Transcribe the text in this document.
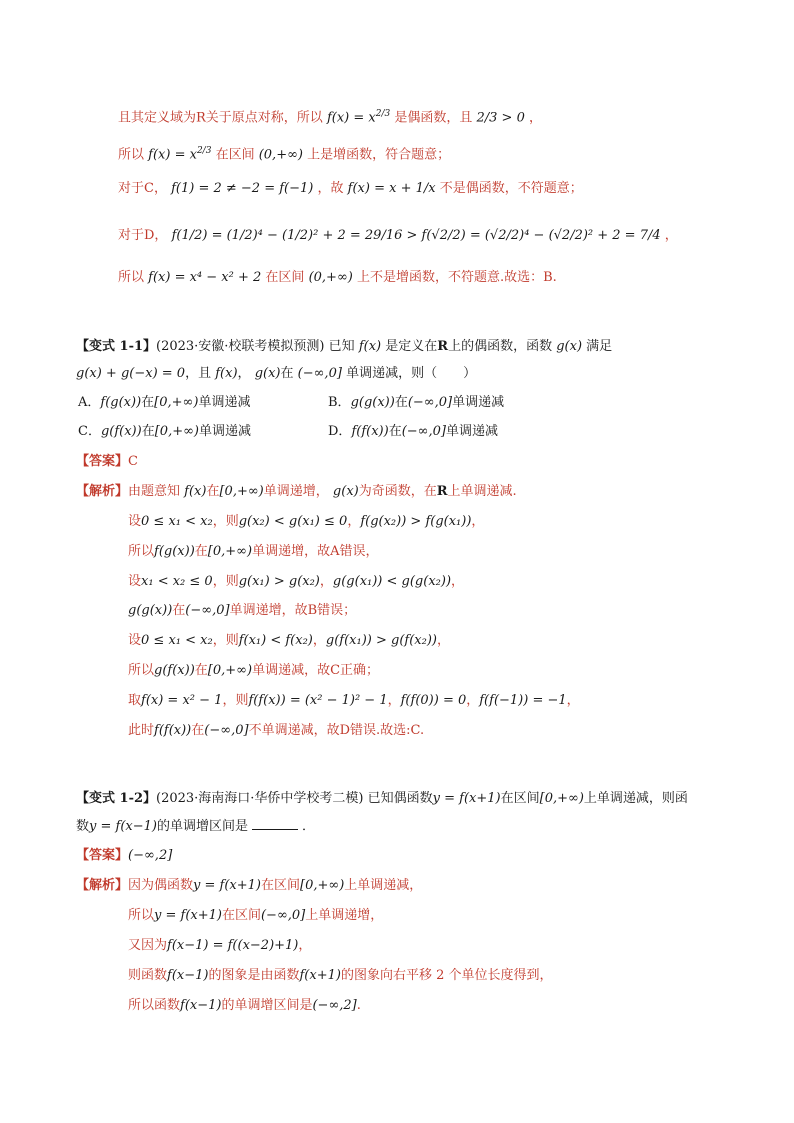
且其定义域为R关于原点对称，所以 $f(x) = x^{2/3}$ 是偶函数，且 2/3 > 0 ，
所以 $f(x) = x^{2/3}$ 在区间 (0,+∞) 上是增函数，符合题意；
对于C， f(1) = 2 ≠ −2 = f(−1) ，故 f(x) = x + 1/x 不是偶函数，不符题意；
对于D， f(1/2) = (1/2)⁴ − (1/2)² + 2 = 29/16 > f(√2/2) = (√2/2)⁴ − (√2/2)² + 2 = 7/4 ，
所以 f(x) = x⁴ − x² + 2 在区间 (0,+∞) 上不是增函数，不符题意.故选：B.
【变式 1-1】(2023·安徽·校联考模拟预测) 已知 f(x) 是定义在R上的偶函数，函数 g(x) 满足
g(x) + g(−x) = 0，且 f(x)， g(x)在 (−∞,0] 单调递减，则（　　）
A．f(g(x))在[0,+∞)单调递减	B．g(g(x))在(−∞,0]单调递减
C．g(f(x))在[0,+∞)单调递减	D．f(f(x))在(−∞,0]单调递减
【答案】C
【解析】由题意知 f(x)在[0,+∞)单调递增， g(x)为奇函数，在R上单调递减.
设0 ≤ x₁ < x₂，则g(x₂) < g(x₁) ≤ 0，f(g(x₂)) > f(g(x₁))，
所以f(g(x))在[0,+∞)单调递增，故A错误，
设x₁ < x₂ ≤ 0，则g(x₁) > g(x₂)，g(g(x₁)) < g(g(x₂))，
g(g(x))在(−∞,0]单调递增，故B错误；
设0 ≤ x₁ < x₂，则f(x₁) < f(x₂)，g(f(x₁)) > g(f(x₂))，
所以g(f(x))在[0,+∞)单调递减，故C正确；
取f(x) = x² − 1，则f(f(x)) = (x² − 1)² − 1，f(f(0)) = 0，f(f(−1)) = −1，
此时f(f(x))在(−∞,0]不单调递减，故D错误.故选:C.
【变式 1-2】(2023·海南海口·华侨中学校考二模) 已知偶函数y = f(x+1)在区间[0,+∞)上单调递减，则函
数y = f(x−1)的单调增区间是	．
【答案】(−∞,2]
【解析】因为偶函数y = f(x+1)在区间[0,+∞)上单调递减，
所以y = f(x+1)在区间(−∞,0]上单调递增，
又因为f(x−1) = f((x−2)+1)，
则函数f(x−1)的图象是由函数f(x+1)的图象向右平移 2 个单位长度得到，
所以函数f(x−1)的单调增区间是(−∞,2].
